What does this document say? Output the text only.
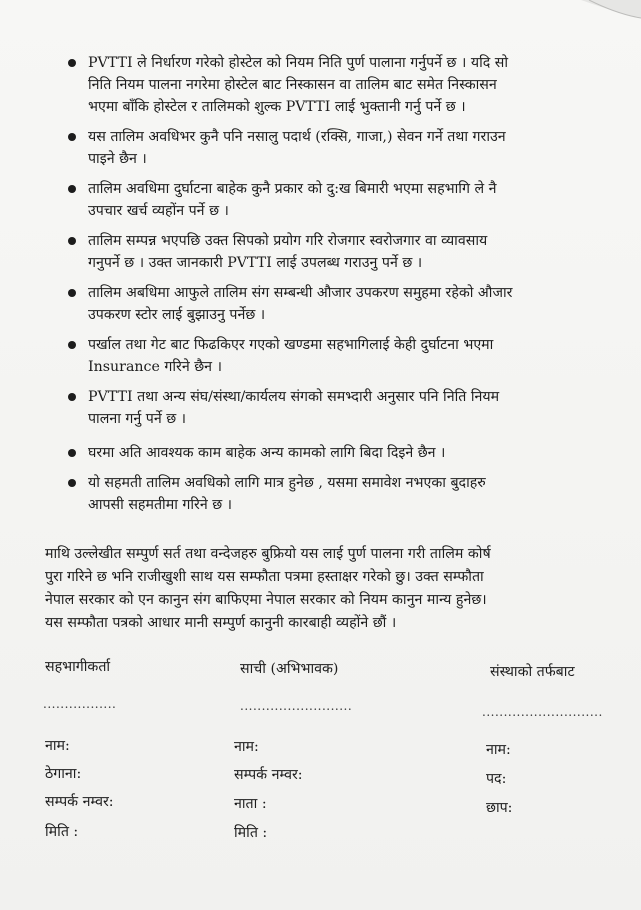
PVTTI ले निर्धारण गरेको होस्टेल को नियम निति पुर्ण पालाना गर्नुपर्ने छ । यदि सो
निति नियम पालना नगरेमा होस्टेल बाट निस्कासन वा तालिम बाट समेत निस्कासन
भएमा बाँकि होस्टेल र तालिमको शुल्क PVTTI लाई भुक्तानी गर्नु पर्ने छ ।
यस तालिम अवधिभर कुनै पनि नसालु पदार्थ (रक्सि, गाजा,) सेवन गर्ने तथा गराउन
पाइने छैन ।
तालिम अवधिमा दुर्घाटना बाहेक कुनै प्रकार को दु:ख बिमारी भएमा सहभागि ले नै
उपचार खर्च व्यहोंन पर्ने छ ।
तालिम सम्पन्न भएपछि उक्त सिपको प्रयोग गरि रोजगार स्वरोजगार वा व्यावसाय
गनुपर्ने छ । उक्त जानकारी PVTTI लाई उपलब्ध गराउनु पर्ने छ ।
तालिम अबधिमा आफुले तालिम संग सम्बन्धी औजार उपकरण समुहमा रहेको औजार
उपकरण स्टोर लाई बुझाउनु पर्नेछ ।
पर्खाल तथा गेट बाट फिढकिएर गएको खण्डमा सहभागिलाई केही दुर्घाटना भएमा
Insurance गरिने छैन ।
PVTTI तथा अन्य संघ/संस्था/कार्यलय संगको समभ्दारी अनुसार पनि निति नियम
पालना गर्नु पर्ने छ ।
घरमा अति आवश्यक काम बाहेक अन्य कामको लागि बिदा दिइने छैन ।
यो सहमती तालिम अवधिको लागि मात्र हुनेछ , यसमा समावेश नभएका बुदाहरु
आपसी सहमतीमा गरिने छ ।

माथि उल्लेखीत सम्पुर्ण सर्त तथा वन्देजहरु बुफ्रियो यस लाई पुर्ण पालना गरी तालिम कोर्ष
पुरा गरिने छ भनि राजीखुशी साथ यस सम्फौता पत्रमा हस्ताक्षर गरेको छु। उक्त सम्फौता
नेपाल सरकार को एन कानुन संग बाफिएमा नेपाल सरकार को नियम कानुन मान्य हुनेछ।
यस सम्फौता पत्रको आधार मानी सम्पुर्ण कानुनी कारबाही व्यहोंने छौं ।

सहभागीकर्ता
.................
नाम:
ठेगाना:
सम्पर्क नम्वर:
मिति :
साची (अभिभावक)
..........................
नाम:
सम्पर्क नम्वर:
नाता :
मिति :
संस्थाको तर्फबाट
............................
नाम:
पद:
छाप:
